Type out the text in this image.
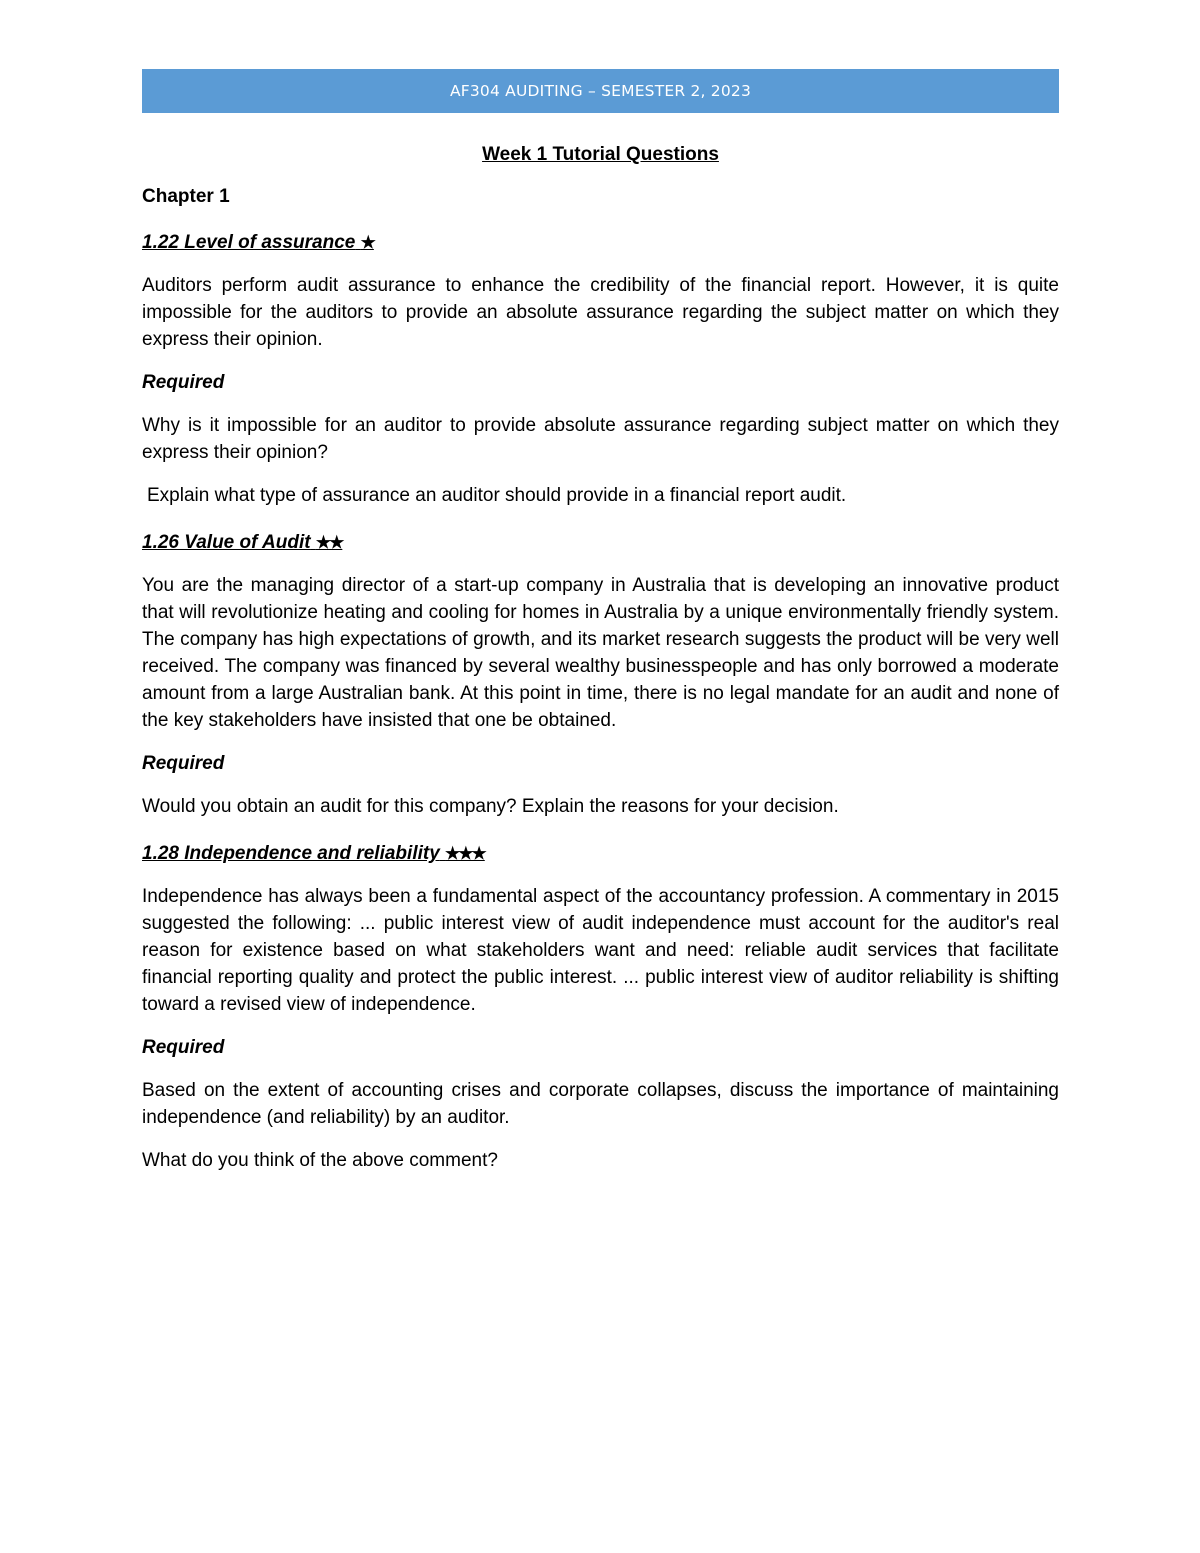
AF304 AUDITING – SEMESTER 2, 2023
Week 1 Tutorial Questions
Chapter 1
1.22 Level of assurance ★

Auditors perform audit assurance to enhance the credibility of the financial report. However, it is quite impossible for the auditors to provide an absolute assurance regarding the subject matter on which they express their opinion.

Required

Why is it impossible for an auditor to provide absolute assurance regarding subject matter on which they express their opinion?

Explain what type of assurance an auditor should provide in a financial report audit.

1.26 Value of Audit ★★

You are the managing director of a start-up company in Australia that is developing an innovative product that will revolutionize heating and cooling for homes in Australia by a unique environmentally friendly system. The company has high expectations of growth, and its market research suggests the product will be very well received. The company was financed by several wealthy businesspeople and has only borrowed a moderate amount from a large Australian bank. At this point in time, there is no legal mandate for an audit and none of the key stakeholders have insisted that one be obtained.

Required

Would you obtain an audit for this company? Explain the reasons for your decision.

1.28 Independence and reliability ★★★

Independence has always been a fundamental aspect of the accountancy profession. A commentary in 2015 suggested the following: ... public interest view of audit independence must account for the auditor's real reason for existence based on what stakeholders want and need: reliable audit services that facilitate financial reporting quality and protect the public interest. ... public interest view of auditor reliability is shifting toward a revised view of independence.

Required

Based on the extent of accounting crises and corporate collapses, discuss the importance of maintaining independence (and reliability) by an auditor.

What do you think of the above comment?
